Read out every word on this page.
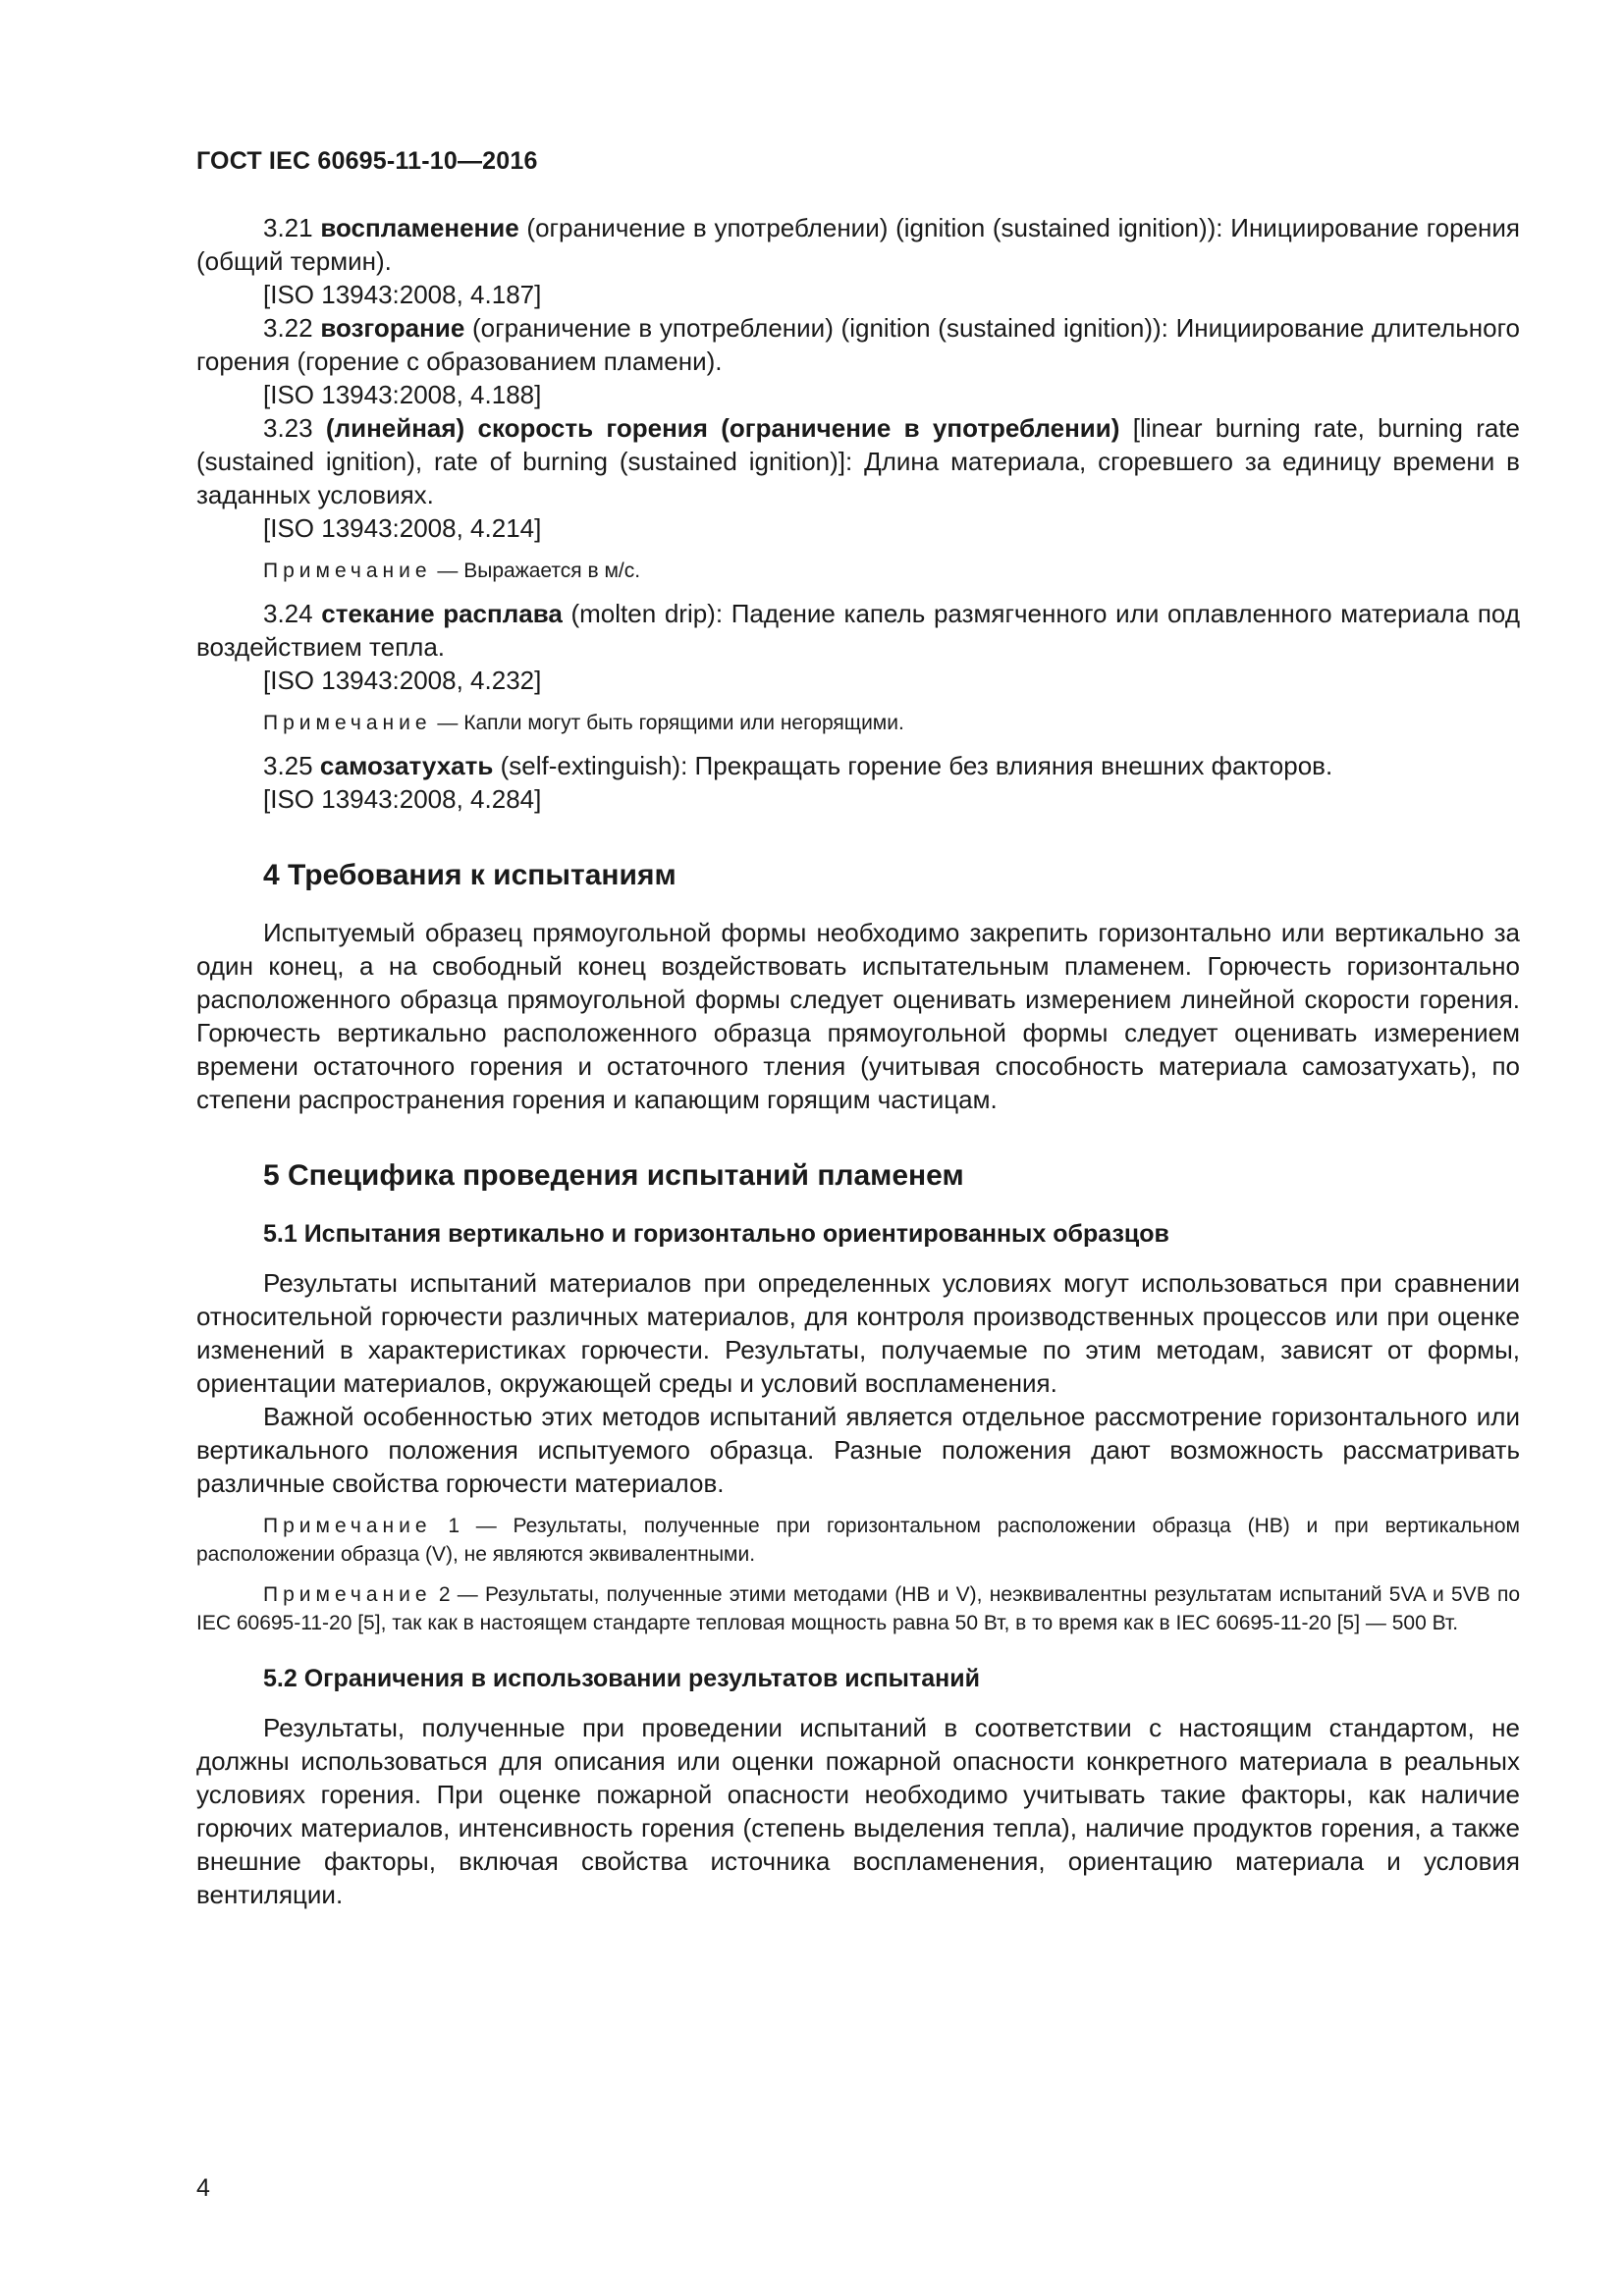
ГОСТ IEC 60695-11-10—2016

3.21 воспламенение (ограничение в употреблении) (ignition (sustained ignition)): Инициирование горения (общий термин).

[ISO 13943:2008, 4.187]

3.22 возгорание (ограничение в употреблении) (ignition (sustained ignition)): Инициирование длительного горения (горение с образованием пламени).

[ISO 13943:2008, 4.188]

3.23 (линейная) скорость горения (ограничение в употреблении) [linear burning rate, burning rate (sustained ignition), rate of burning (sustained ignition)]: Длина материала, сгоревшего за единицу времени в заданных условиях.

[ISO 13943:2008, 4.214]

Примечание — Выражается в м/с.

3.24 стекание расплава (molten drip): Падение капель размягченного или оплавленного материала под воздействием тепла.

[ISO 13943:2008, 4.232]

Примечание — Капли могут быть горящими или негорящими.

3.25 самозатухать (self-extinguish): Прекращать горение без влияния внешних факторов.

[ISO 13943:2008, 4.284]

4 Требования к испытаниям

Испытуемый образец прямоугольной формы необходимо закрепить горизонтально или вертикально за один конец, а на свободный конец воздействовать испытательным пламенем. Горючесть горизонтально расположенного образца прямоугольной формы следует оценивать измерением линейной скорости горения. Горючесть вертикально расположенного образца прямоугольной формы следует оценивать измерением времени остаточного горения и остаточного тления (учитывая способность материала самозатухать), по степени распространения горения и капающим горящим частицам.

5 Специфика проведения испытаний пламенем
5.1 Испытания вертикально и горизонтально ориентированных образцов

Результаты испытаний материалов при определенных условиях могут использоваться при сравнении относительной горючести различных материалов, для контроля производственных процессов или при оценке изменений в характеристиках горючести. Результаты, получаемые по этим методам, зависят от формы, ориентации материалов, окружающей среды и условий воспламенения.

Важной особенностью этих методов испытаний является отдельное рассмотрение горизонтального или вертикального положения испытуемого образца. Разные положения дают возможность рассматривать различные свойства горючести материалов.

Примечание 1 — Результаты, полученные при горизонтальном расположении образца (HB) и при вертикальном расположении образца (V), не являются эквивалентными.

Примечание 2 — Результаты, полученные этими методами (HB и V), неэквивалентны результатам испытаний 5VA и 5VB по IEC 60695-11-20 [5], так как в настоящем стандарте тепловая мощность равна 50 Вт, в то время как в IEC 60695-11-20 [5] — 500 Вт.

5.2 Ограничения в использовании результатов испытаний

Результаты, полученные при проведении испытаний в соответствии с настоящим стандартом, не должны использоваться для описания или оценки пожарной опасности конкретного материала в реальных условиях горения. При оценке пожарной опасности необходимо учитывать такие факторы, как наличие горючих материалов, интенсивность горения (степень выделения тепла), наличие продуктов горения, а также внешние факторы, включая свойства источника воспламенения, ориентацию материала и условия вентиляции.

4
